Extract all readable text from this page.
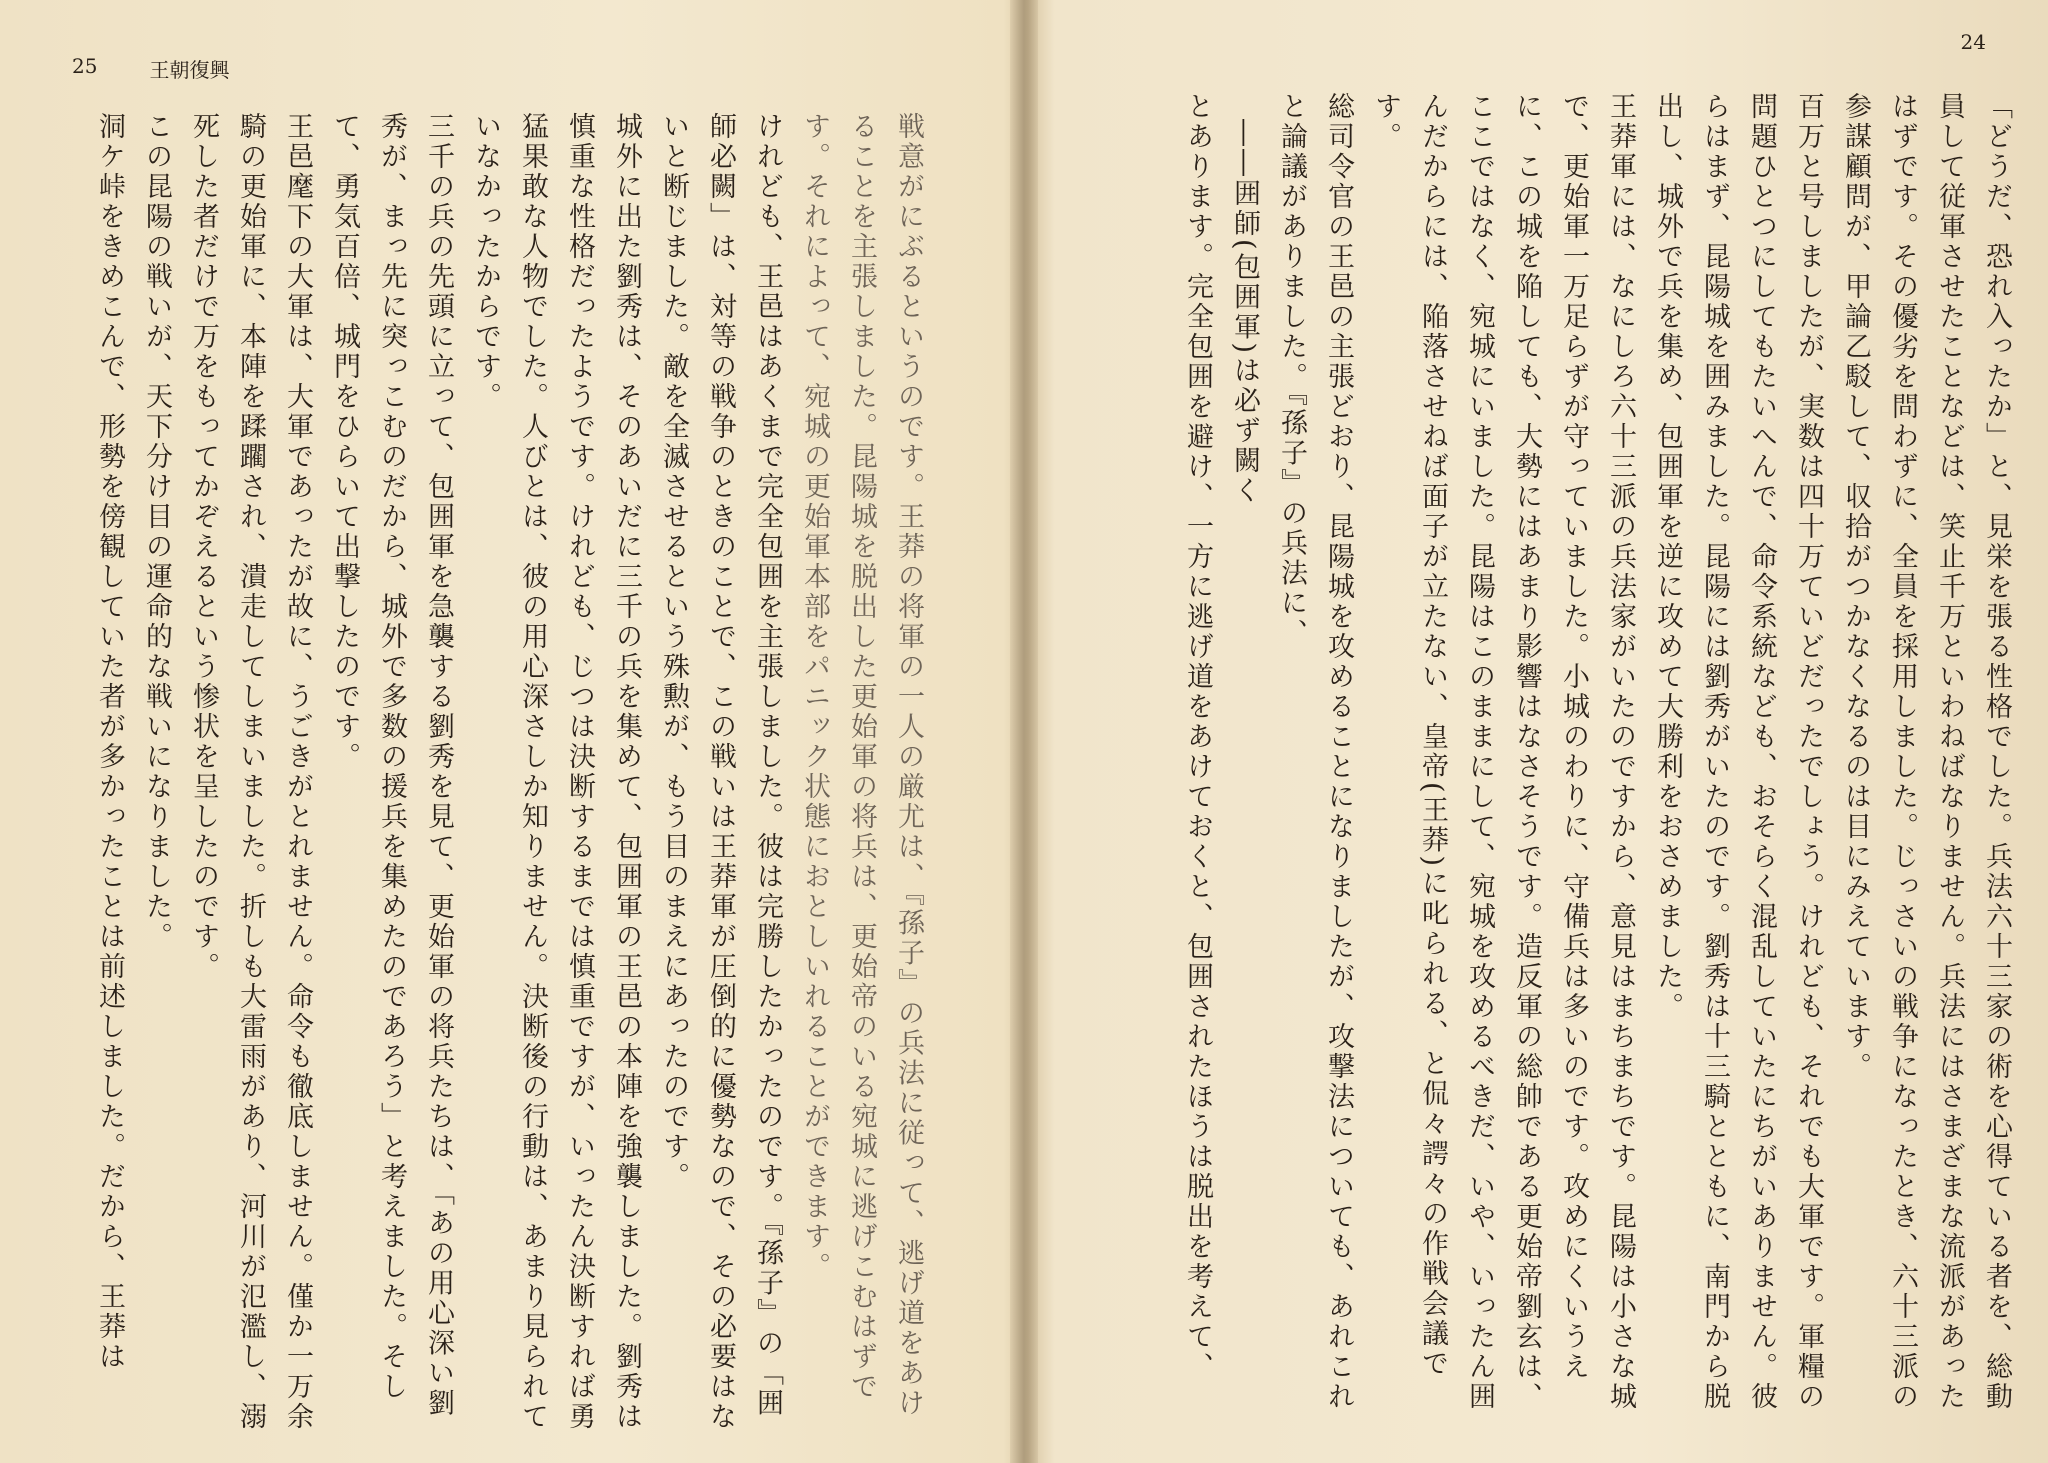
25	王朝復興

戦意がにぶるというのです。王莽の将軍の一人の厳尤は、『孫子』の兵法に従って、逃げ道をあけることを主張しました。昆陽城を脱出した更始軍の将兵は、更始帝のいる宛城に逃げこむはずです。それによって、宛城の更始軍本部をパニック状態におとしいれることができます。

けれども、王邑はあくまで完全包囲を主張しました。彼は完勝したかったのです。『孫子』の「囲師必闕」は、対等の戦争のときのことで、この戦いは王莽軍が圧倒的に優勢なので、その必要はないと断じました。敵を全滅させるという殊勲が、もう目のまえにあったのです。

城外に出た劉秀は、そのあいだに三千の兵を集めて、包囲軍の王邑の本陣を強襲しました。劉秀は慎重な性格だったようです。けれども、じつは決断するまでは慎重ですが、いったん決断すれば勇猛果敢な人物でした。人びとは、彼の用心深さしか知りません。決断後の行動は、あまり見られていなかったからです。

三千の兵の先頭に立って、包囲軍を急襲する劉秀を見て、更始軍の将兵たちは、「あの用心深い劉秀が、まっ先に突っこむのだから、城外で多数の援兵を集めたのであろう」と考えました。そして、勇気百倍、城門をひらいて出撃したのです。

王邑麾下の大軍は、大軍であったが故に、うごきがとれません。命令も徹底しません。僅か一万余騎の更始軍に、本陣を蹂躙され、潰走してしまいました。折しも大雷雨があり、河川が氾濫し、溺死した者だけで万をもってかぞえるという惨状を呈したのです。

この昆陽の戦いが、天下分け目の運命的な戦いになりました。

洞ケ峠をきめこんで、形勢を傍観していた者が多かったことは前述しました。だから、王莽は

24

「どうだ、恐れ入ったか」と、見栄を張る性格でした。兵法六十三家の術を心得ている者を、総動員して従軍させたことなどは、笑止千万といわねばなりません。兵法にはさまざまな流派があったはずです。その優劣を問わずに、全員を採用しました。じっさいの戦争になったとき、六十三派の参謀顧問が、甲論乙駁して、収拾がつかなくなるのは目にみえています。

百万と号しましたが、実数は四十万ていどだったでしょう。けれども、それでも大軍です。軍糧の問題ひとつにしてもたいへんで、命令系統なども、おそらく混乱していたにちがいありません。彼らはまず、昆陽城を囲みました。昆陽には劉秀がいたのです。劉秀は十三騎とともに、南門から脱出し、城外で兵を集め、包囲軍を逆に攻めて大勝利をおさめました。

王莽軍には、なにしろ六十三派の兵法家がいたのですから、意見はまちまちです。昆陽は小さな城で、更始軍一万足らずが守っていました。小城のわりに、守備兵は多いのです。攻めにくいうえに、この城を陥しても、大勢にはあまり影響はなさそうです。造反軍の総帥である更始帝劉玄は、ここではなく、宛城にいました。昆陽はこのままにして、宛城を攻めるべきだ、いや、いったん囲んだからには、陥落させねば面子が立たない、皇帝(王莽)に叱られる、と侃々諤々の作戦会議です。

総司令官の王邑の主張どおり、昆陽城を攻めることになりましたが、攻撃法についても、あれこれと論議がありました。『孫子』の兵法に、

――囲師(包囲軍)は必ず闕く

とあります。完全包囲を避け、一方に逃げ道をあけておくと、包囲されたほうは脱出を考えて、
